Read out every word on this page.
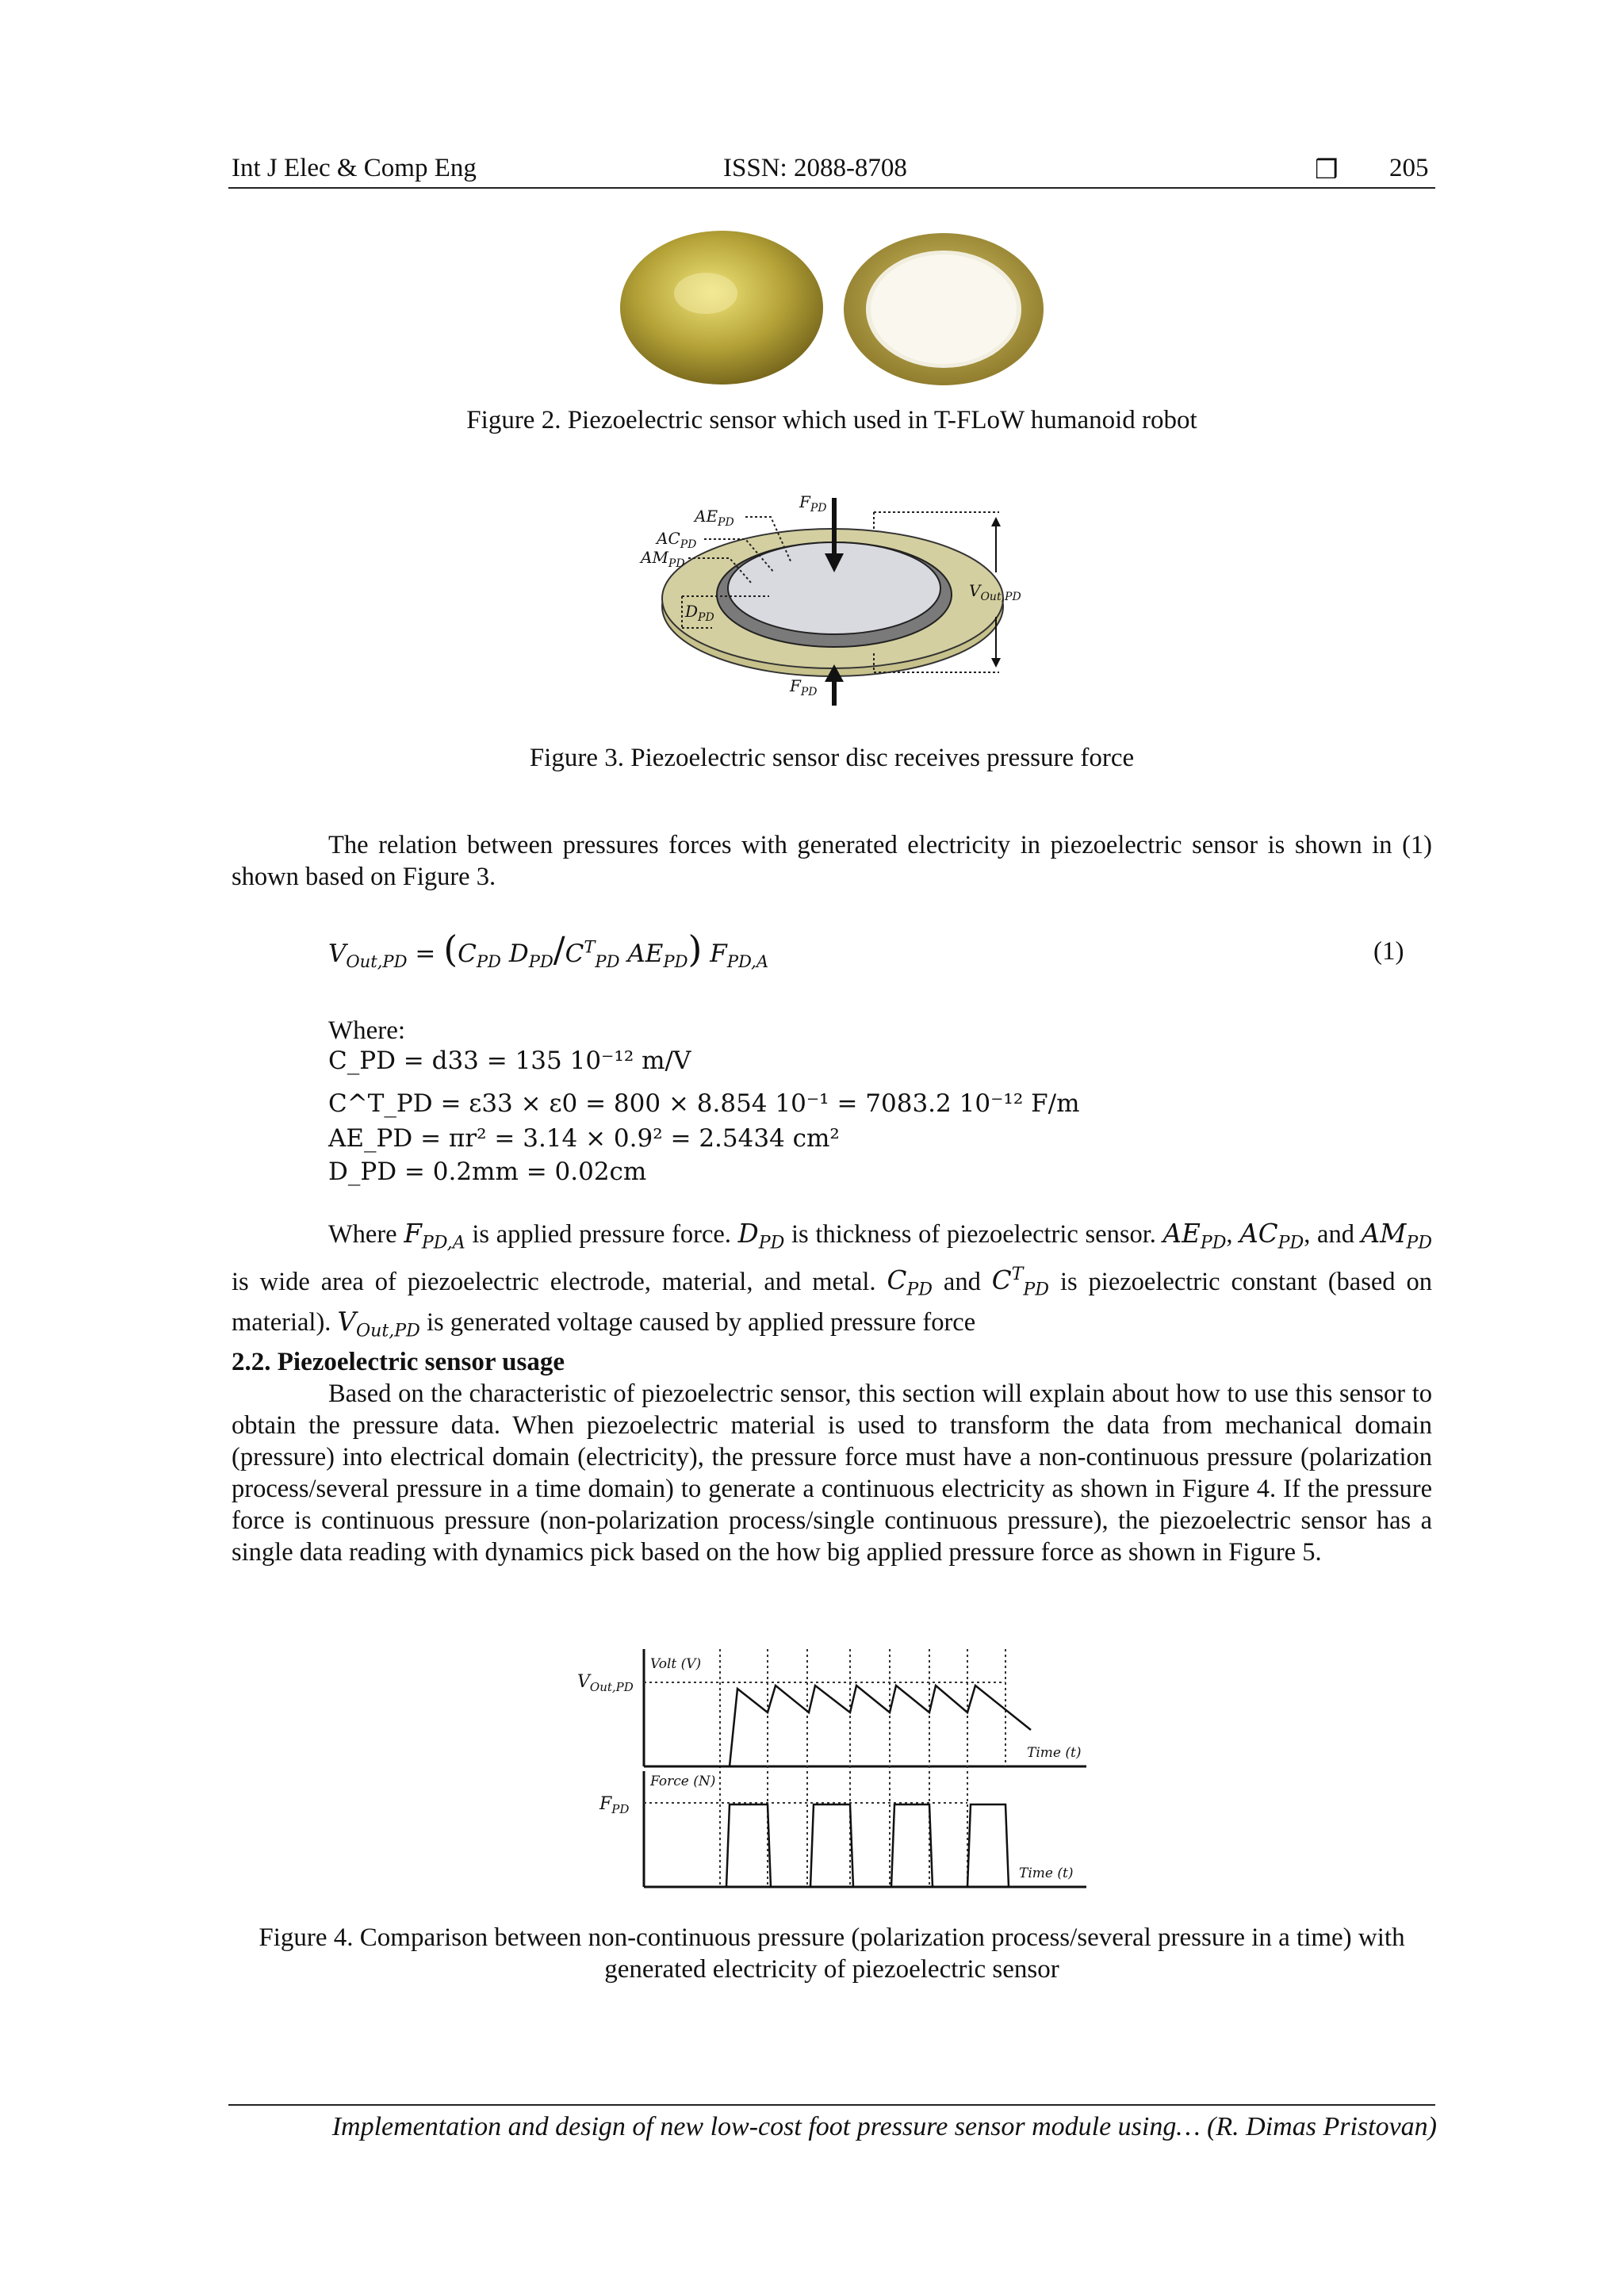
Int J Elec & Comp Eng	ISSN: 2088-8708	❒ 205
Figure 2. Piezoelectric sensor which used in T-FLoW humanoid robot
$AE_{PD}$
$AC_{PD}$
$AM_{PD}$
$D_{PD}$
$F_{PD}$
$F_{PD}$
$V_{Out,PD}$
Figure 3. Piezoelectric sensor disc receives pressure force

The relation between pressures forces with generated electricity in piezoelectric sensor is shown in (1) shown based on Figure 3.

$V_{Out,PD} = (C_{PD}$ $D_{PD}/C^T_{PD}$ $AE_{PD}$) $F_{PD,A}$	(1)
Where:
C_PD = d33 = 135 10⁻¹² m/V
C^T_PD = ε33 × ε0 = 800 × 8.854 10⁻¹ = 7083.2 10⁻¹² F/m
AE_PD = πr² = 3.14 × 0.9² = 2.5434 cm²
D_PD = 0.2mm = 0.02cm

Where $F_{PD,A}$ is applied pressure force. $D_{PD}$ is thickness of piezoelectric sensor. $AE_{PD}$, $AC_{PD}$, and $AM_{PD}$ is wide area of piezoelectric electrode, material, and metal. $C_{PD}$ and $C^T_{PD}$ is piezoelectric constant (based on material). $V_{Out,PD}$ is generated voltage caused by applied pressure force

2.2. Piezoelectric sensor usage

Based on the characteristic of piezoelectric sensor, this section will explain about how to use this sensor to obtain the pressure data. When piezoelectric material is used to transform the data from mechanical domain (pressure) into electrical domain (electricity), the pressure force must have a non-continuous pressure (polarization process/several pressure in a time domain) to generate a continuous electricity as shown in Figure 4. If the pressure force is continuous pressure (non-polarization process/single continuous pressure), the piezoelectric sensor has a single data reading with dynamics pick based on the how big applied pressure force as shown in Figure 5.

Volt (V)
Force (N)
Time (t)
Time (t)
$V_{Out,PD}$
$F_{PD}$
Figure 4. Comparison between non-continuous pressure (polarization process/several pressure in a time) with
generated electricity of piezoelectric sensor
Implementation and design of new low-cost foot pressure sensor module using… (R. Dimas Pristovan)
